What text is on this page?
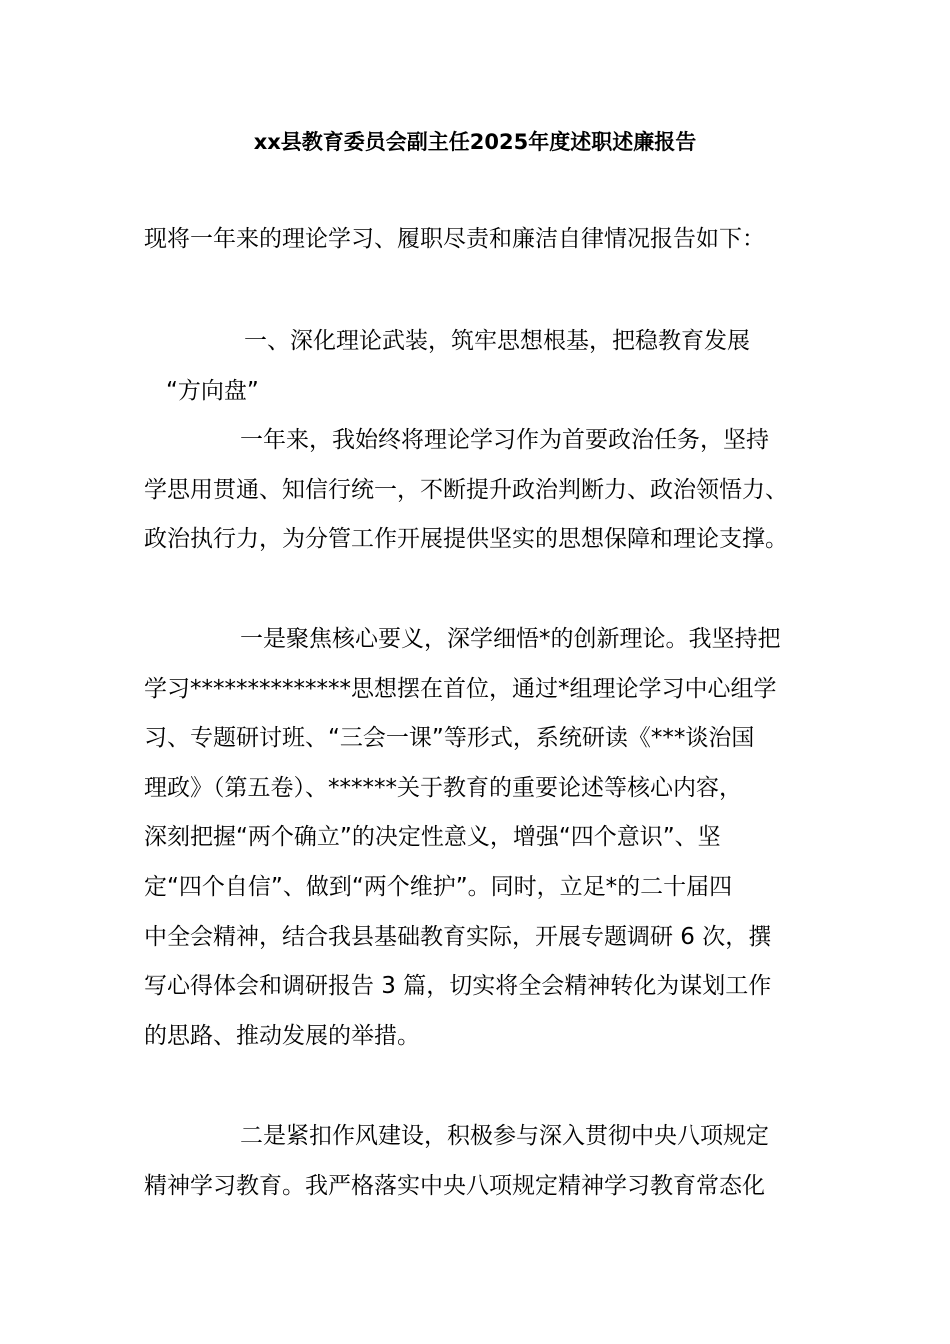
xx县教育委员会副主任2025年度述职述廉报告

现将一年来的理论学习、履职尽责和廉洁自律情况报告如下：

一、深化理论武装，筑牢思想根基，把稳教育发展
“方向盘”

一年来，我始终将理论学习作为首要政治任务，坚持
学思用贯通、知信行统一，不断提升政治判断力、政治领悟力、
政治执行力，为分管工作开展提供坚实的思想保障和理论支撑。

一是聚焦核心要义，深学细悟*的创新理论。我坚持把
学习**************思想摆在首位，通过*组理论学习中心组学
习、专题研讨班、“三会一课”等形式，系统研读《***谈治国
理政》（第五卷）、******关于教育的重要论述等核心内容，
深刻把握“两个确立”的决定性意义，增强“四个意识”、坚
定“四个自信”、做到“两个维护”。同时，立足*的二十届四
中全会精神，结合我县基础教育实际，开展专题调研 6 次，撰
写心得体会和调研报告 3 篇，切实将全会精神转化为谋划工作
的思路、推动发展的举措。

二是紧扣作风建设，积极参与深入贯彻中央八项规定
精神学习教育。我严格落实中央八项规定精神学习教育常态化
